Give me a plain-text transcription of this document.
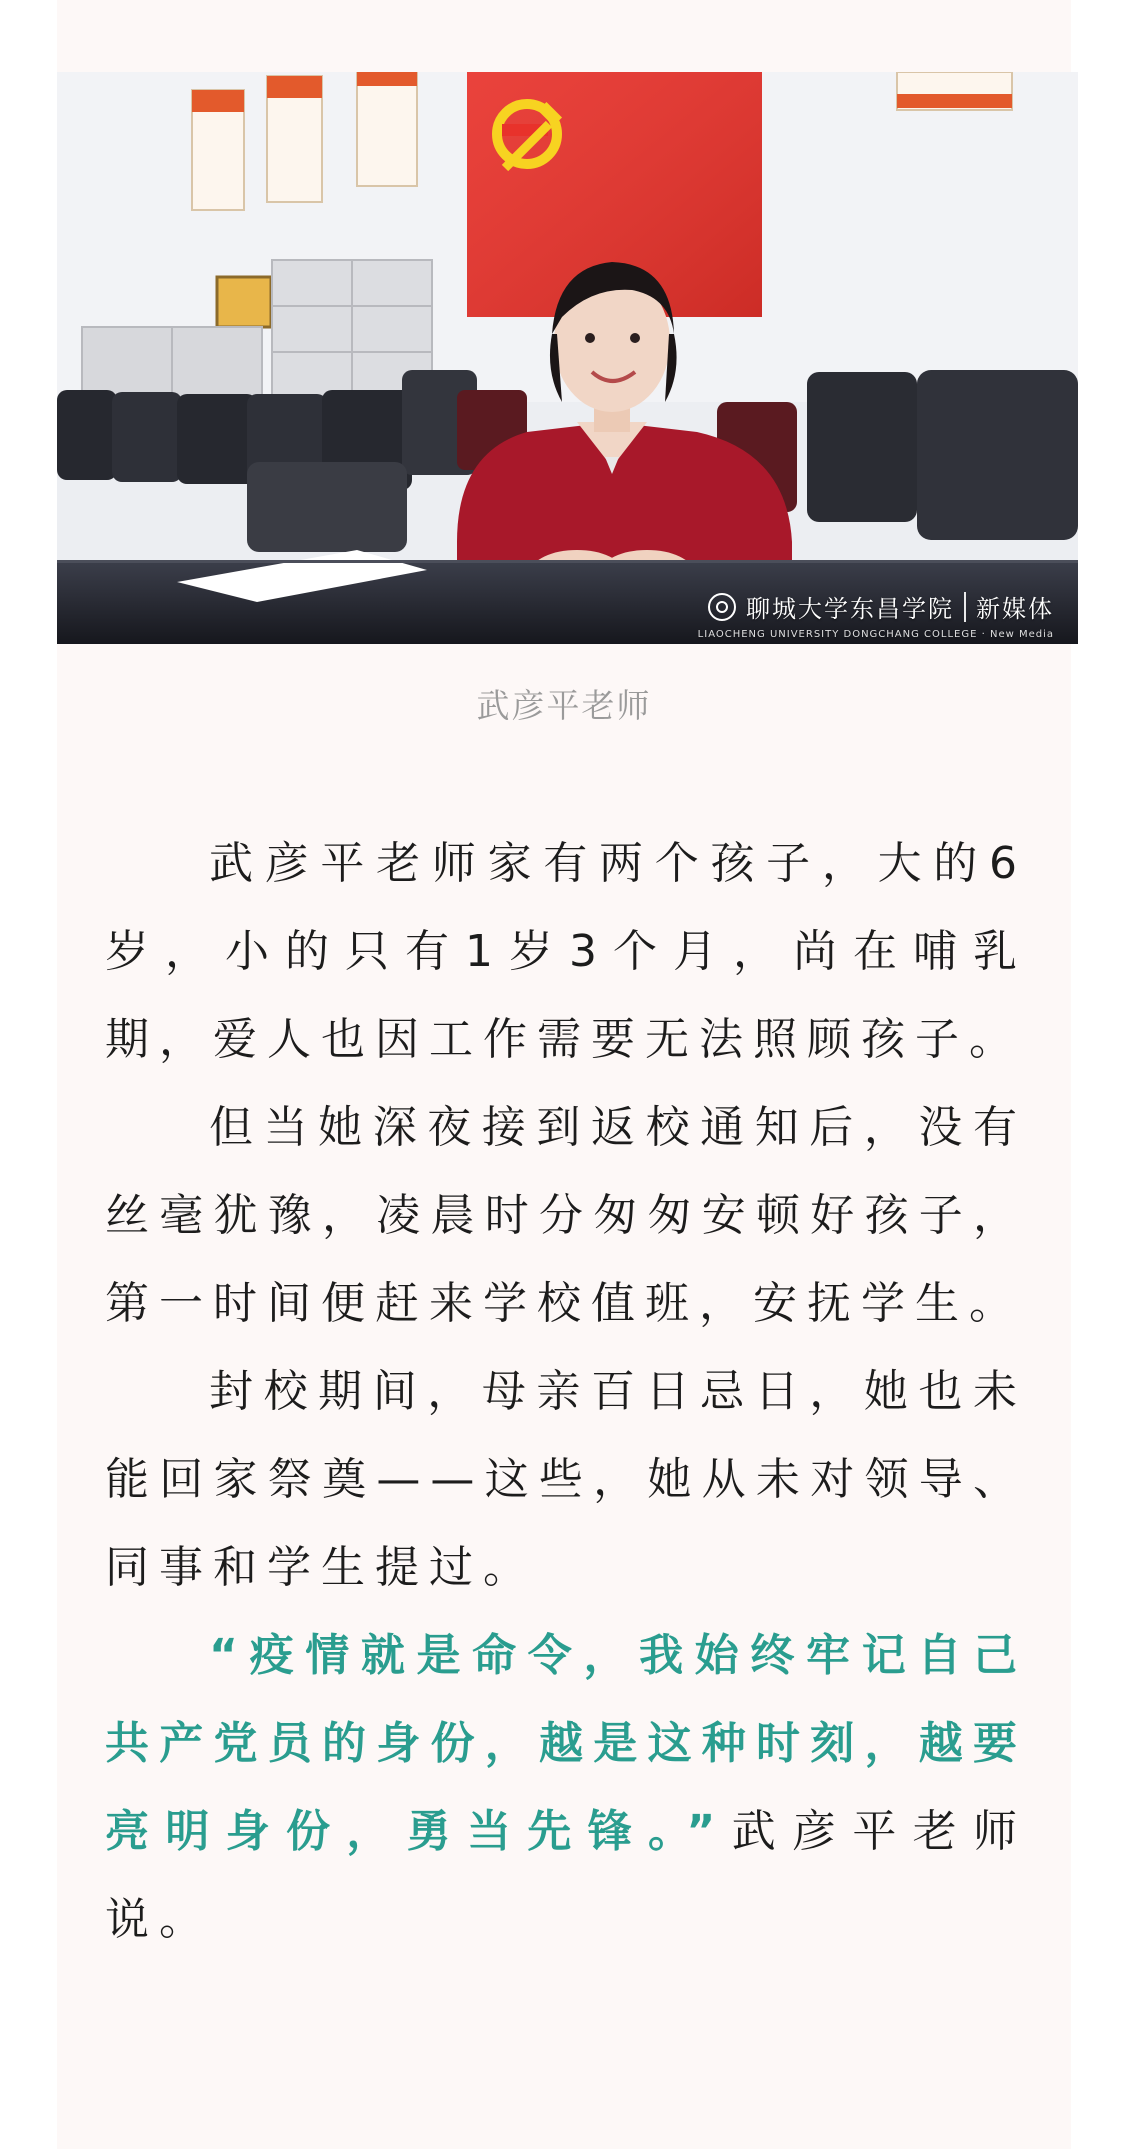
聊城大学东昌学院 新媒体
LIAOCHENG UNIVERSITY DONGCHANG COLLEGE · New Media
武彦平老师

武彦平老师家有两个孩子，大的6岁，小的只有1岁3个月，尚在哺乳期，爱人也因工作需要无法照顾孩子。

但当她深夜接到返校通知后，没有丝毫犹豫，凌晨时分匆匆安顿好孩子，第一时间便赶来学校值班，安抚学生。

封校期间，母亲百日忌日，她也未能回家祭奠——这些，她从未对领导、同事和学生提过。

“疫情就是命令，我始终牢记自己共产党员的身份，越是这种时刻，越要亮明身份，勇当先锋。”武彦平老师说。
